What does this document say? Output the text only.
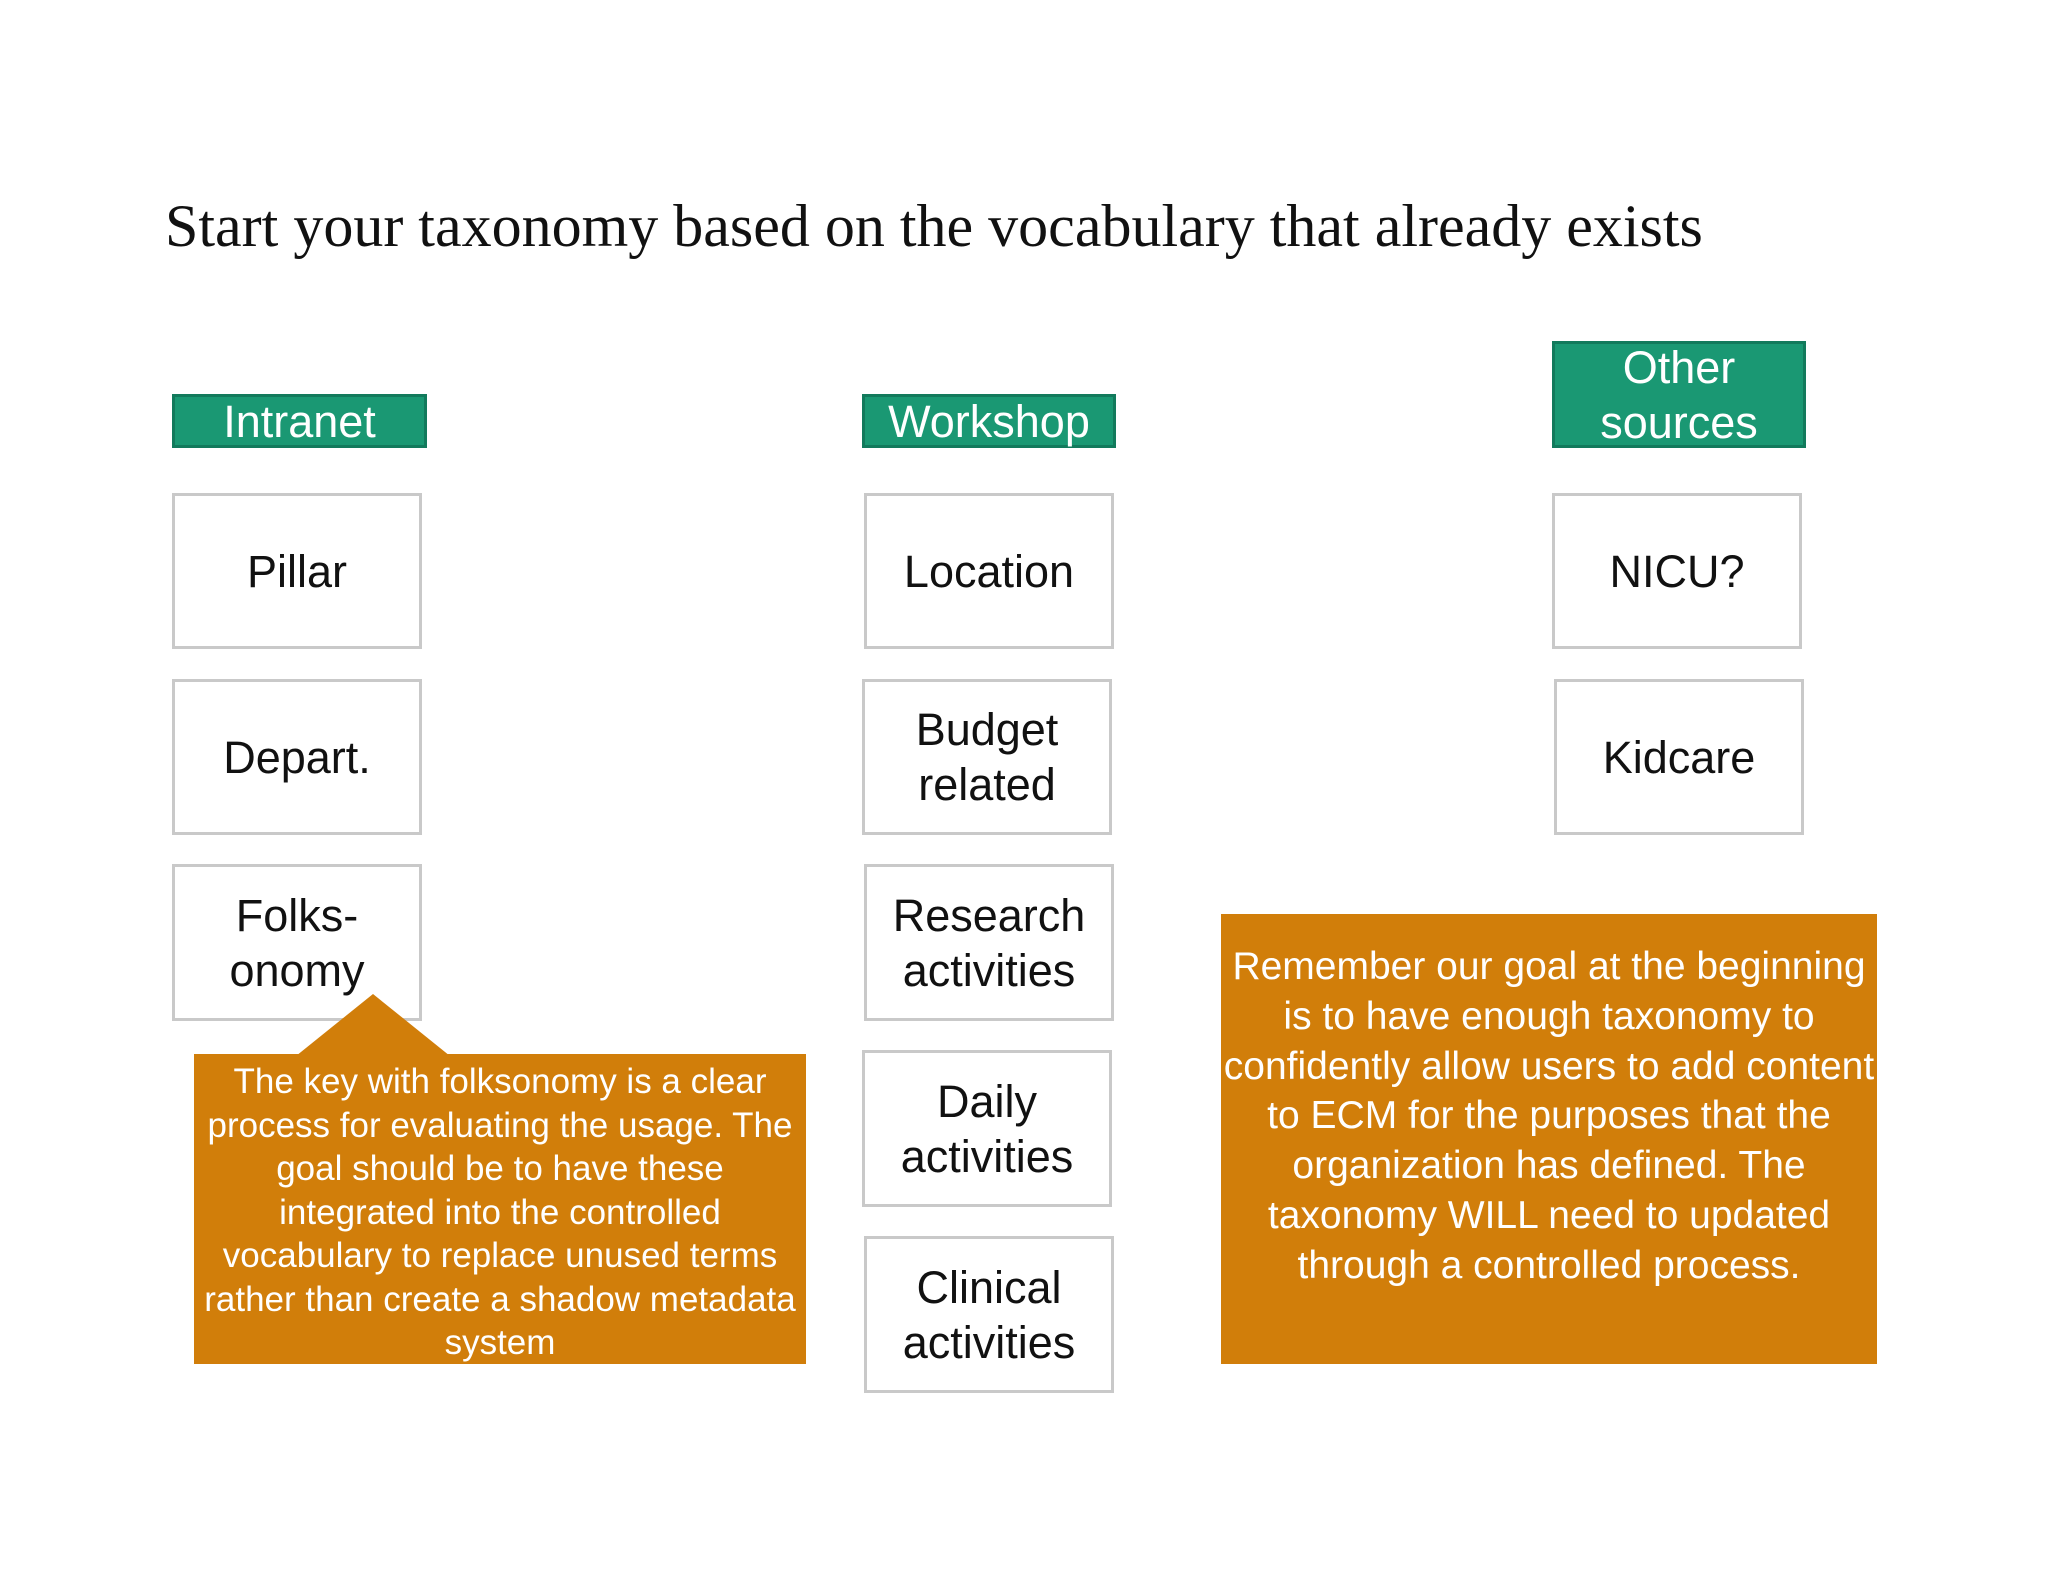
Start your taxonomy based on the vocabulary that already exists
Intranet	Workshop
Other
sources
Pillar
Depart.
Folks-
onomy
Location
Budget
related
Research
activities
Daily
activities
Clinical
activities
NICU?
Kidcare
The key with folksonomy is a clear process for evaluating the usage. The goal should be to have these integrated into the controlled vocabulary to replace unused terms rather than create a shadow metadata system
Remember our goal at the beginning is to have enough taxonomy to confidently allow users to add content to ECM for the purposes that the organization has defined. The taxonomy WILL need to updated through a controlled process.
